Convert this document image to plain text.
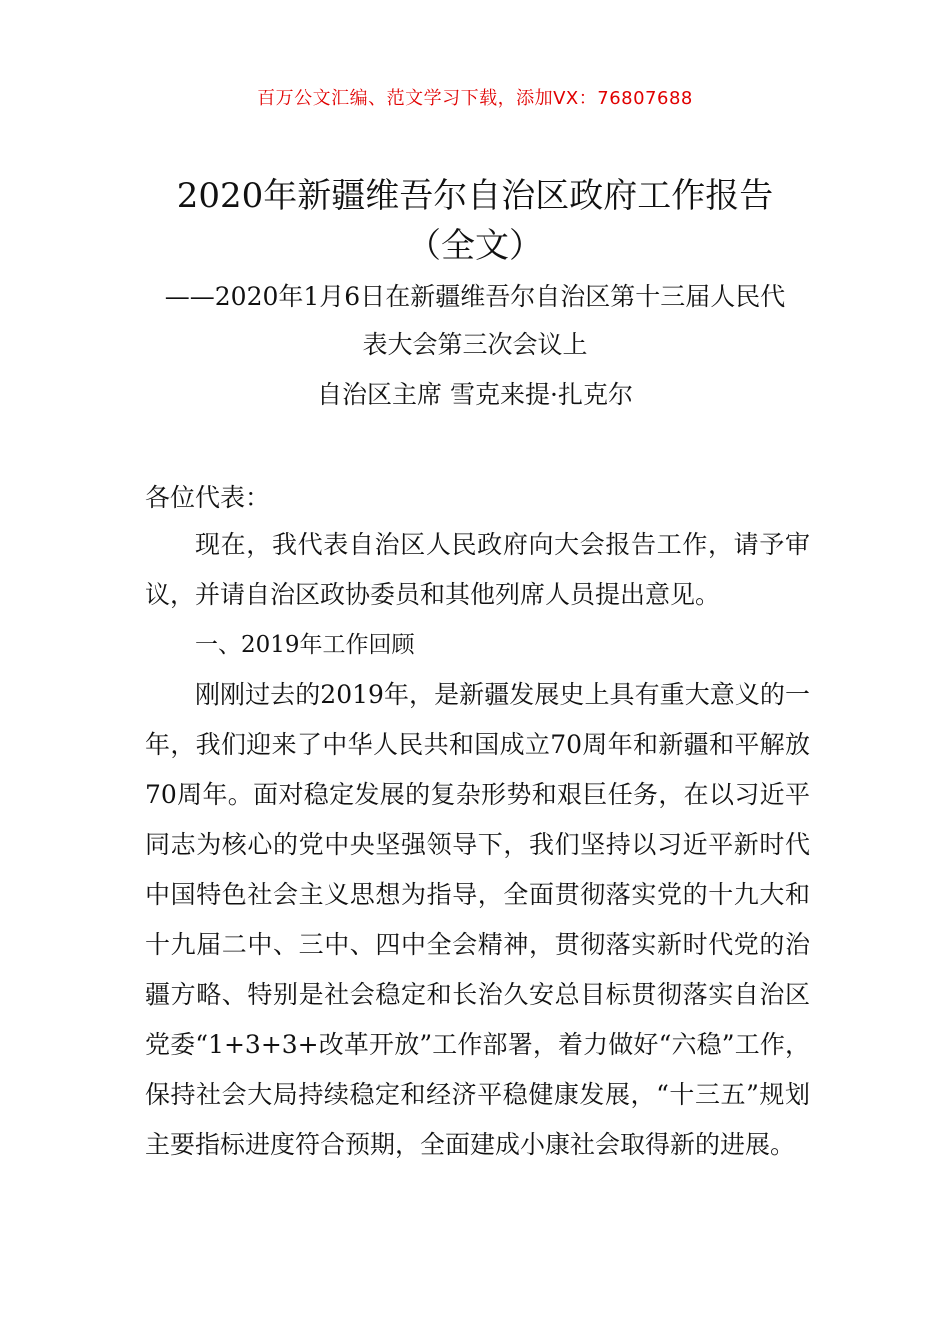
百万公文汇编、范文学习下载，添加VX：76807688
2020年新疆维吾尔自治区政府工作报告
（全文）
——2020年1月6日在新疆维吾尔自治区第十三届人民代
表大会第三次会议上
自治区主席 雪克来提·扎克尔
各位代表：
现在，我代表自治区人民政府向大会报告工作，请予审议，并请自治区政协委员和其他列席人员提出意见。
一、2019年工作回顾
刚刚过去的2019年，是新疆发展史上具有重大意义的一年，我们迎来了中华人民共和国成立70周年和新疆和平解放70周年。面对稳定发展的复杂形势和艰巨任务，在以习近平同志为核心的党中央坚强领导下，我们坚持以习近平新时代中国特色社会主义思想为指导，全面贯彻落实党的十九大和十九届二中、三中、四中全会精神，贯彻落实新时代党的治疆方略、特别是社会稳定和长治久安总目标贯彻落实自治区党委“1+3+3+改革开放”工作部署，着力做好“六稳”工作，保持社会大局持续稳定和经济平稳健康发展，“十三五”规划主要指标进度符合预期，全面建成小康社会取得新的进展。
